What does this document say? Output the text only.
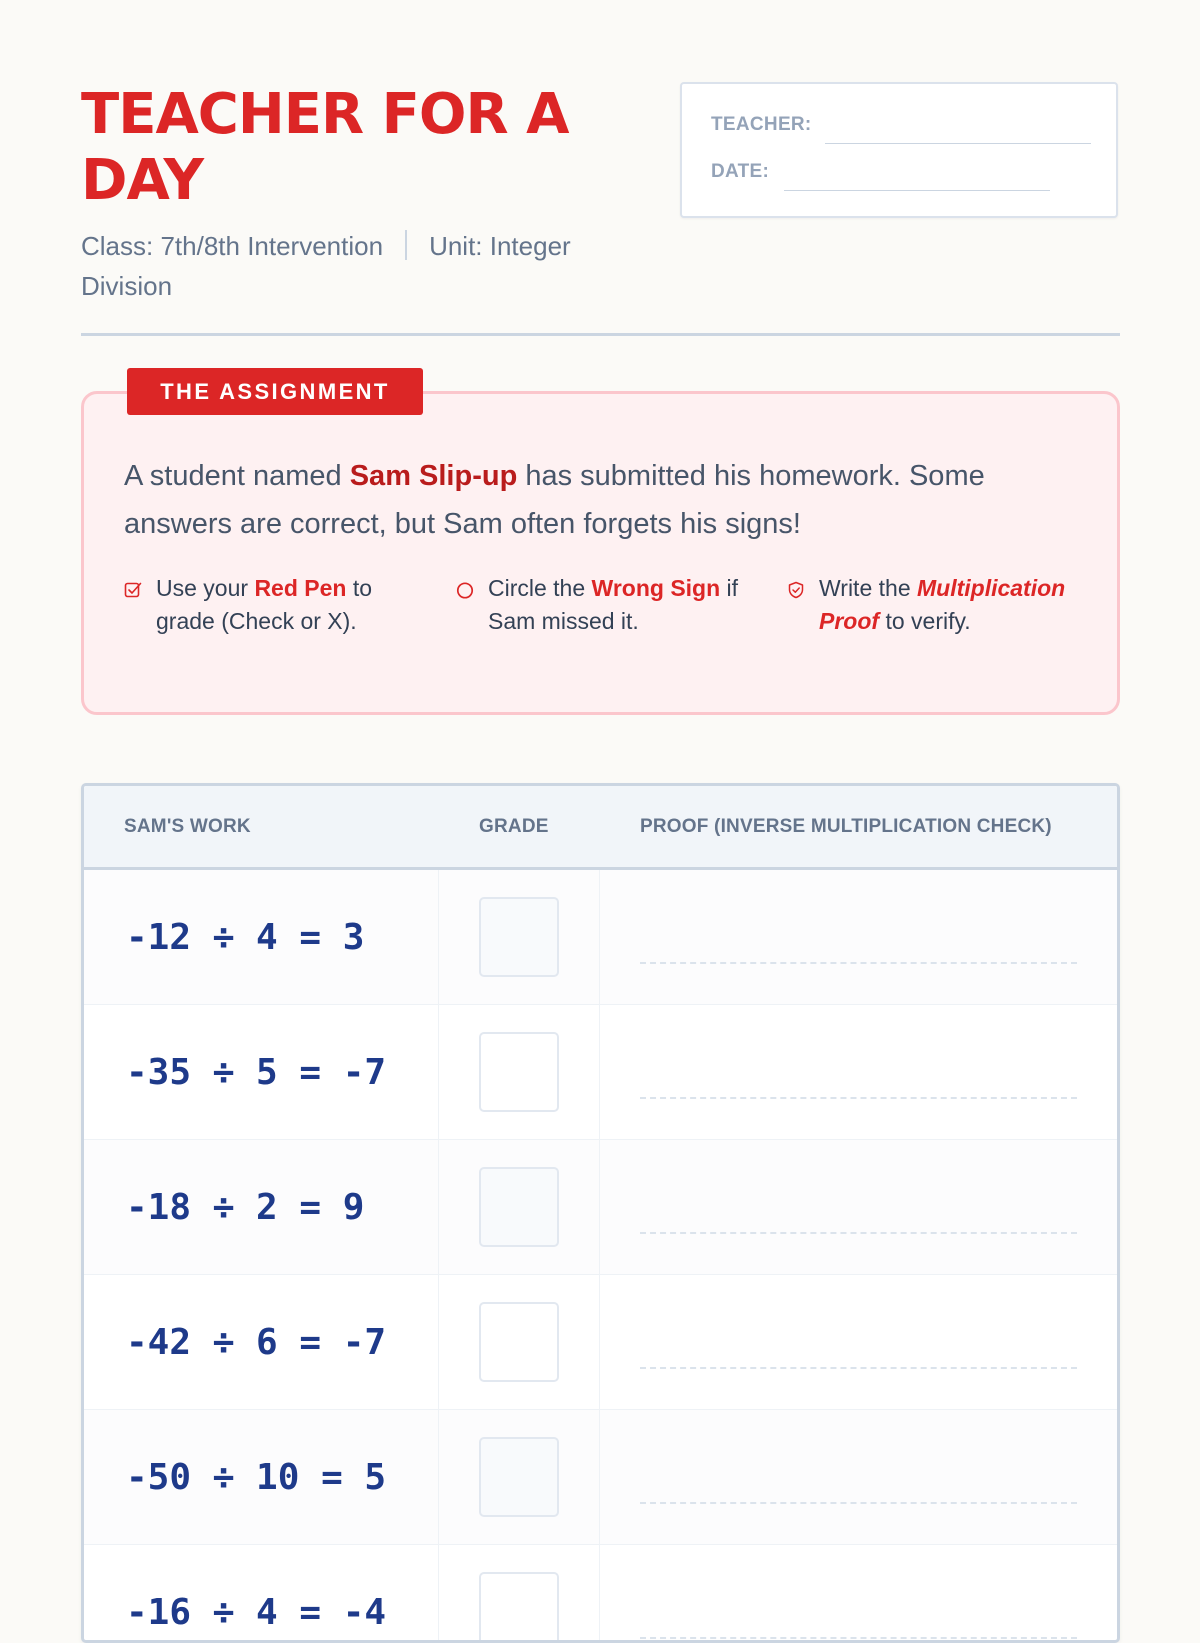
TEACHER FOR A DAY
Class: 7th/8th Intervention Unit: Integer Division
TEACHER:
DATE:
THE ASSIGNMENT

A student named Sam Slip-up has submitted his homework. Some answers are correct, but Sam often forgets his signs!

Use your Red Pen to grade (Check or X).
Circle the Wrong Sign if Sam missed it.
Write the Multiplication Proof to verify.
SAM'S WORK	GRADE	PROOF (INVERSE MULTIPLICATION CHECK)
-12 ÷ 4 = 3
-35 ÷ 5 = -7
-18 ÷ 2 = 9
-42 ÷ 6 = -7
-50 ÷ 10 = 5
-16 ÷ 4 = -4
